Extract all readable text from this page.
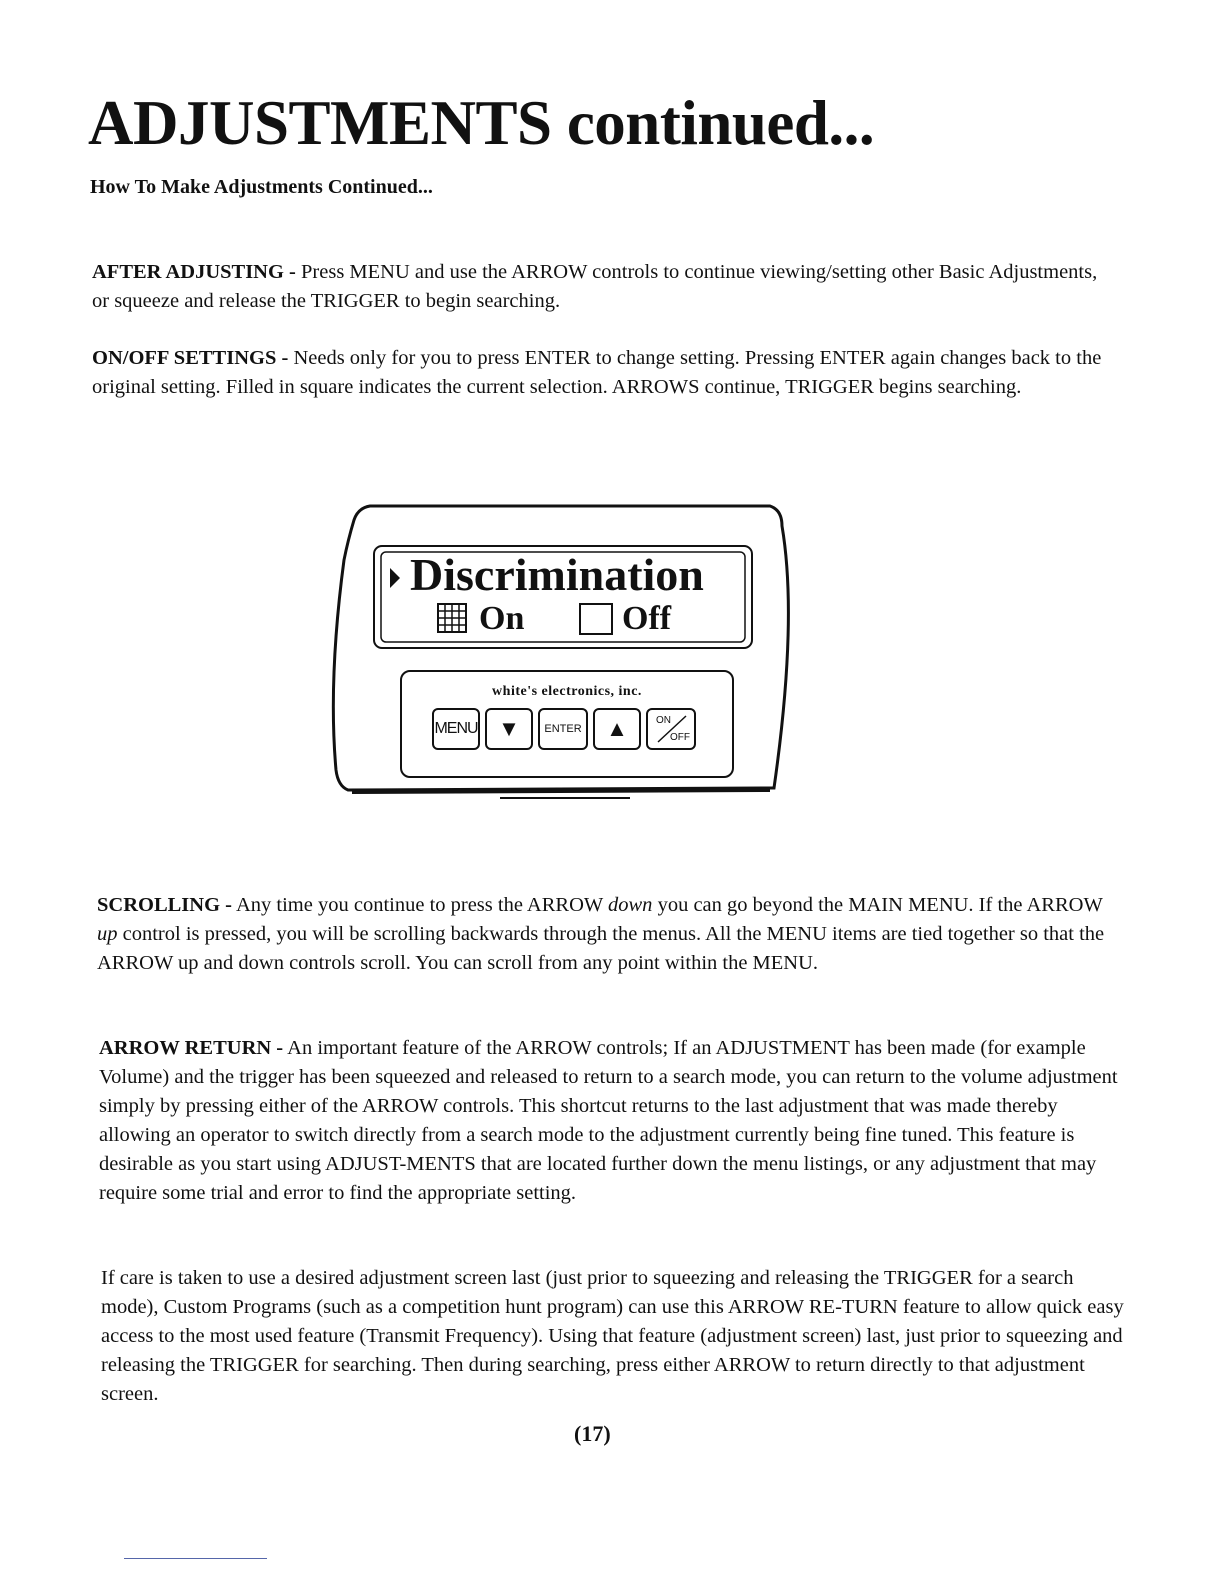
ADJUSTMENTS continued...
How To Make Adjustments Continued...

AFTER ADJUSTING - Press MENU and use the ARROW controls to continue viewing/setting other Basic Adjustments, or squeeze and release the TRIGGER to begin searching.

ON/OFF SETTINGS - Needs only for you to press ENTER to change setting. Pressing ENTER again changes back to the original setting. Filled in square indicates the current selection. ARROWS continue, TRIGGER begins searching.

Discrimination
On	Off
white's electronics, inc.
MENU ▼	ENTER ▲	ON
OFF

SCROLLING - Any time you continue to press the ARROW down you can go beyond the MAIN MENU. If the ARROW up control is pressed, you will be scrolling backwards through the menus. All the MENU items are tied together so that the ARROW up and down controls scroll. You can scroll from any point within the MENU.

ARROW RETURN - An important feature of the ARROW controls; If an ADJUSTMENT has been made (for example Volume) and the trigger has been squeezed and released to return to a search mode, you can return to the volume adjustment simply by pressing either of the ARROW controls. This shortcut returns to the last adjustment that was made thereby allowing an operator to switch directly from a search mode to the adjustment currently being fine tuned. This feature is desirable as you start using ADJUST-MENTS that are located further down the menu listings, or any adjustment that may require some trial and error to find the appropriate setting.

If care is taken to use a desired adjustment screen last (just prior to squeezing and releasing the TRIGGER for a search mode), Custom Programs (such as a competition hunt program) can use this ARROW RE-TURN feature to allow quick easy access to the most used feature (Transmit Frequency). Using that feature (adjustment screen) last, just prior to squeezing and releasing the TRIGGER for searching. Then during searching, press either ARROW to return directly to that adjustment screen.

(17)
